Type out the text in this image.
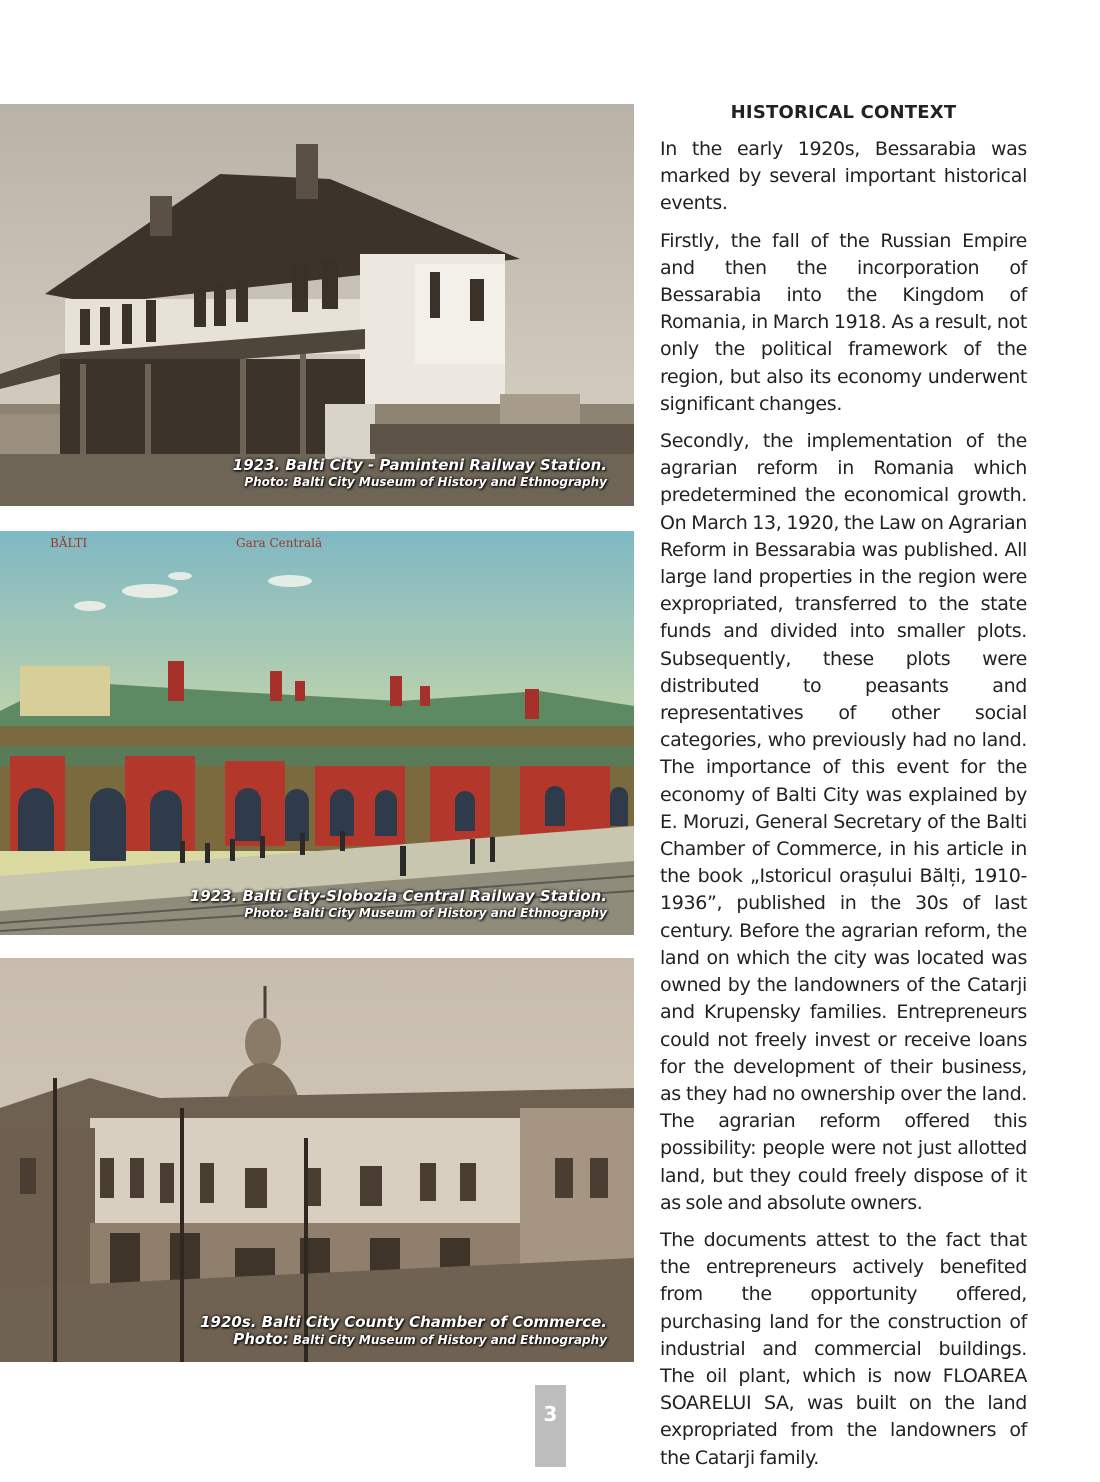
1923. Balti City - Paminteni Railway Station.
Photo: Balti City Museum of History and Ethnography
BĂLTI	Gara Centrală
1923. Balti City-Slobozia Central Railway Station.
Photo: Balti City Museum of History and Ethnography
1920s. Balti City County Chamber of Commerce.
Photo: Balti City Museum of History and Ethnography
HISTORICAL CONTEXT

In the early 1920s, Bessarabia was marked by several important historical events.

Firstly, the fall of the Russian Empire and then the incorporation of Bessarabia into the Kingdom of Romania, in March 1918. As a result, not only the political framework of the region, but also its economy underwent significant changes.

Secondly, the implementation of the agrarian reform in Romania which predetermined the economical growth. On March 13, 1920, the Law on Agrarian Reform in Bessarabia was published. All large land properties in the region were expropriated, transferred to the state funds and divided into smaller plots. Subsequently, these plots were distributed to peasants and representatives of other social categories, who previously had no land. The importance of this event for the economy of Balti City was explained by E. Moruzi, General Secretary of the Balti Chamber of Commerce, in his article in the book „Istoricul orașului Bălți, 1910-1936”, published in the 30s of last century. Before the agrarian reform, the land on which the city was located was owned by the landowners of the Catarji and Krupensky families. Entrepreneurs could not freely invest or receive loans for the development of their business, as they had no ownership over the land. The agrarian reform offered this possibility: people were not just allotted land, but they could freely dispose of it as sole and absolute owners.

The documents attest to the fact that the entrepreneurs actively benefited from the opportunity offered, purchasing land for the construction of industrial and commercial buildings. The oil plant, which is now FLOAREA SOARELUI SA, was built on the land expropriated from the landowners of the Catarji family.

3
